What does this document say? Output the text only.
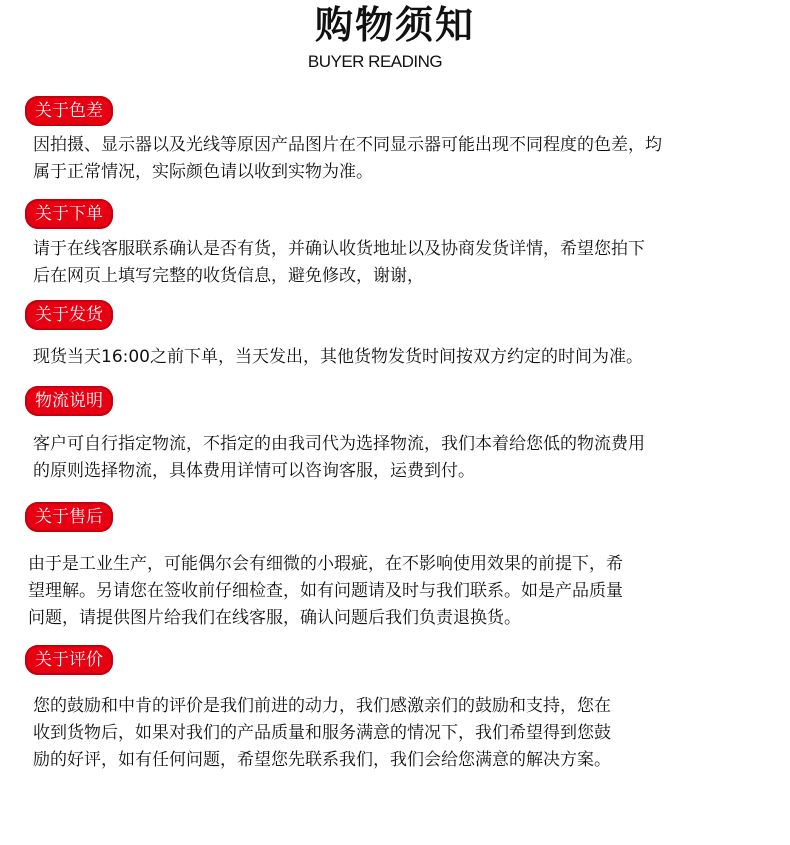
购物须知
BUYER READING
关于色差
因拍摄、显示器以及光线等原因产品图片在不同显示器可能出现不同程度的色差，均
属于正常情况，实际颜色请以收到实物为准。
关于下单
请于在线客服联系确认是否有货，并确认收货地址以及协商发货详情，希望您拍下
后在网页上填写完整的收货信息，避免修改，谢谢，
关于发货
现货当天16:00之前下单，当天发出，其他货物发货时间按双方约定的时间为准。
物流说明
客户可自行指定物流，不指定的由我司代为选择物流，我们本着给您低的物流费用
的原则选择物流，具体费用详情可以咨询客服，运费到付。
关于售后
由于是工业生产，可能偶尔会有细微的小瑕疵，在不影响使用效果的前提下，希
望理解。另请您在签收前仔细检查，如有问题请及时与我们联系。如是产品质量
问题，请提供图片给我们在线客服，确认问题后我们负责退换货。
关于评价
您的鼓励和中肯的评价是我们前进的动力，我们感激亲们的鼓励和支持，您在
收到货物后，如果对我们的产品质量和服务满意的情况下，我们希望得到您鼓
励的好评，如有任何问题，希望您先联系我们，我们会给您满意的解决方案。
